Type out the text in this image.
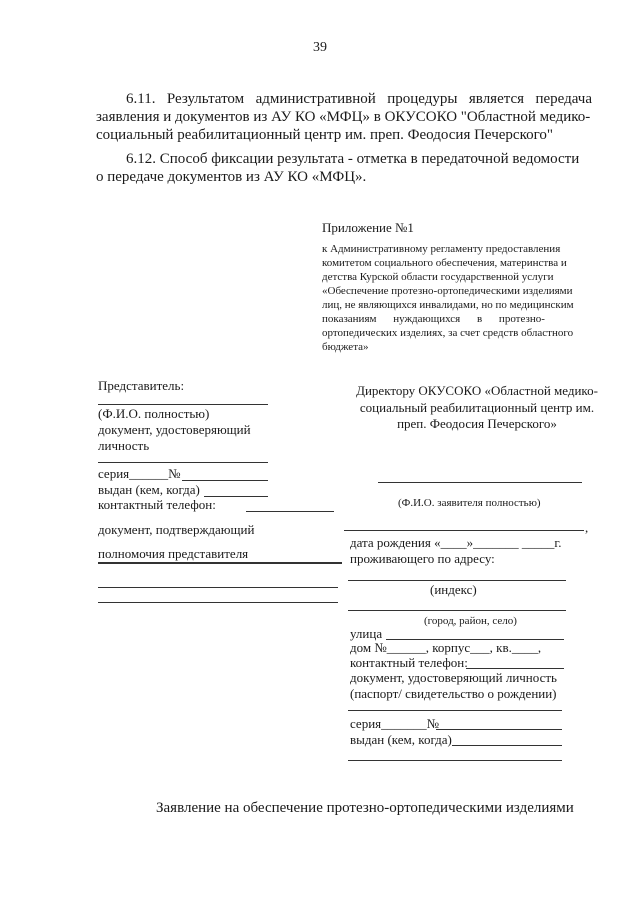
39
6.11. Результатом административной процедуры является передача
заявления и документов из АУ КО «МФЦ» в ОКУСОКО "Областной медико-
социальный реабилитационный центр им. преп. Феодосия Печерского"
6.12. Способ фиксации результата - отметка в передаточной ведомости
о передаче документов из АУ КО «МФЦ».
Приложение №1
к Административному регламенту предоставления
комитетом социального обеспечения, материнства и
детства Курской области государственной услуги
«Обеспечение протезно-ортопедическими изделиями
лиц, не являющихся инвалидами, но по медицинским
показаниям нуждающихся в протезно-
ортопедических изделиях, за счет средств областного
бюджета»
Представитель:
(Ф.И.О. полностью)
документ, удостоверяющий
личность
серия______№
выдан (кем, когда)
контактный телефон:
документ, подтверждающий
полномочия представителя
Директору ОКУСОКО «Областной медико-
социальный реабилитационный центр им.
преп. Феодосия Печерского»
(Ф.И.О. заявителя полностью)
,
дата рождения «____»_______ _____г.
проживающего по адресу:
(индекс)
(город, район, село)
улица
дом №______, корпус___, кв.____,
контактный телефон:
документ, удостоверяющий личность
(паспорт/ свидетельство о рождении)
серия_______№
выдан (кем, когда)
Заявление на обеспечение протезно-ортопедическими изделиями
